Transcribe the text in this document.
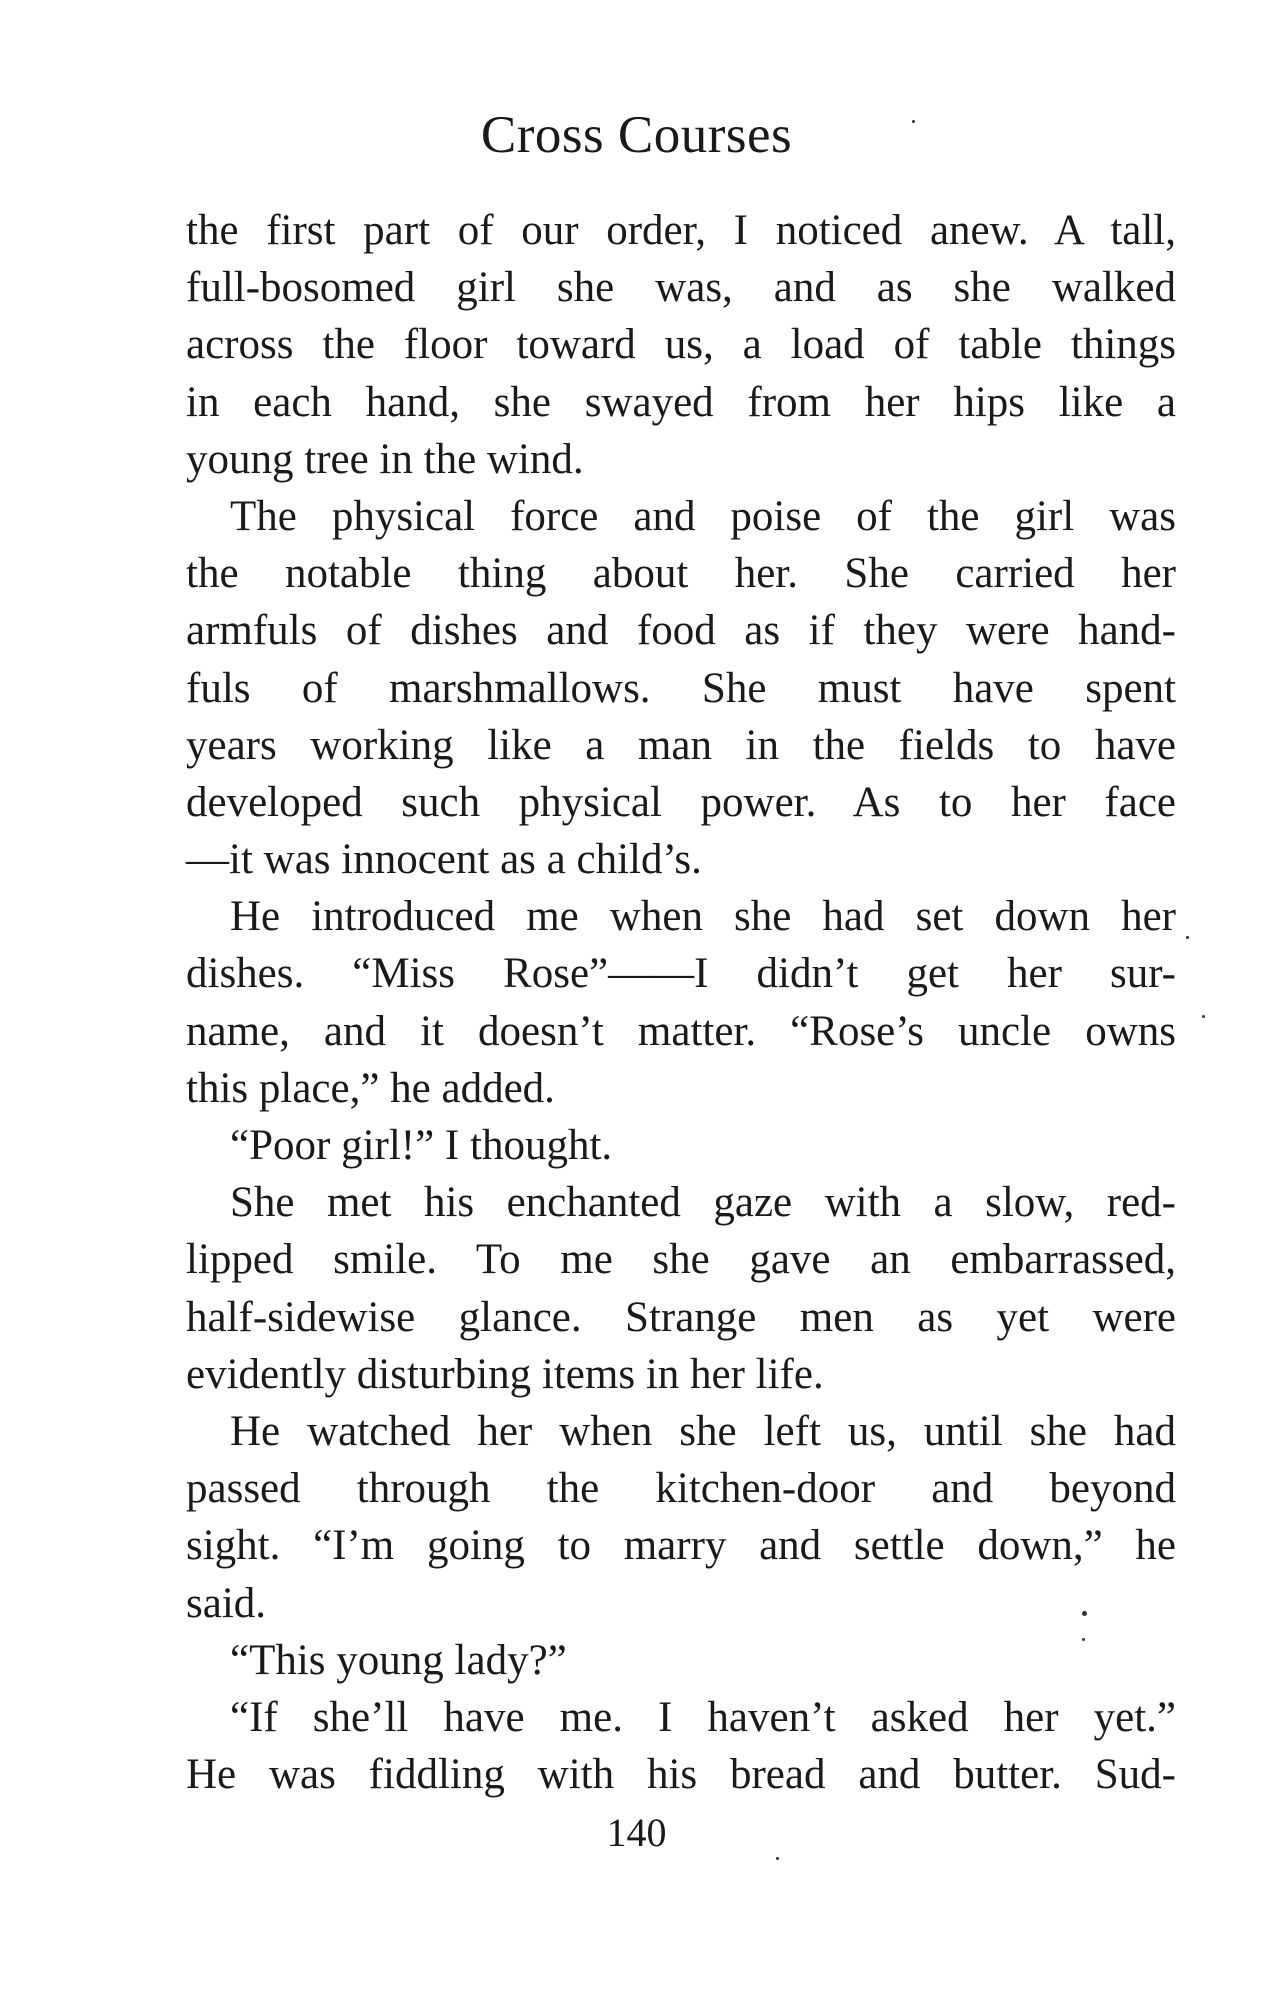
Cross Courses
the first part of our order, I noticed anew. A tall,
full-bosomed girl she was, and as she walked
across the floor toward us, a load of table things
in each hand, she swayed from her hips like a
young tree in the wind.
The physical force and poise of the girl was
the notable thing about her. She carried her
armfuls of dishes and food as if they were hand-
fuls of marshmallows. She must have spent
years working like a man in the fields to have
developed such physical power. As to her face
—it was innocent as a child’s.
He introduced me when she had set down her
dishes. “Miss Rose”——I didn’t get her sur-
name, and it doesn’t matter. “Rose’s uncle owns
this place,” he added.
“Poor girl!” I thought.
She met his enchanted gaze with a slow, red-
lipped smile. To me she gave an embarrassed,
half-sidewise glance. Strange men as yet were
evidently disturbing items in her life.
He watched her when she left us, until she had
passed through the kitchen-door and beyond
sight. “I’m going to marry and settle down,” he
said.
“This young lady?”
“If she’ll have me. I haven’t asked her yet.”
He was fiddling with his bread and butter. Sud-
140
